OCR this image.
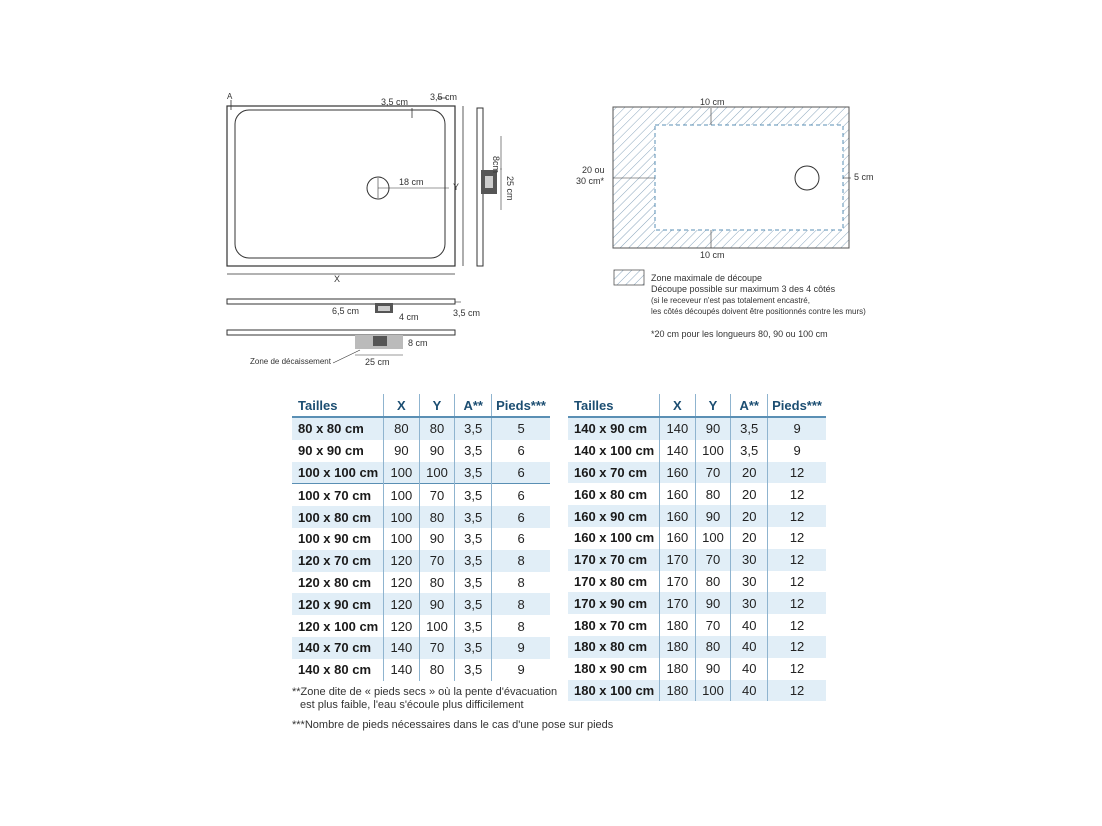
A
3,5 cm 3,5 cm
18 cm	Y
X
8cm
25 cm
6,5 cm
4 cm	3,5 cm
8 cm
25 cm
Zone de décaissement
10 cm
10 cm
20 ou
30 cm*	5 cm
Zone maximale de découpe
Découpe possible sur maximum 3 des 4 côtés
(si le receveur n'est pas totalement encastré,
les côtés découpés doivent être positionnés contre les murs)
*20 cm pour les longueurs 80, 90 ou 100 cm
Tailles	X	Y	A**	Pieds***
80 x 80 cm	80	80	3,5	5
90 x 90 cm	90	90	3,5	6
100 x 100 cm	100	100	3,5	6
100 x 70 cm	100	70	3,5	6
100 x 80 cm	100	80	3,5	6
100 x 90 cm	100	90	3,5	6
120 x 70 cm	120	70	3,5	8
120 x 80 cm	120	80	3,5	8
120 x 90 cm	120	90	3,5	8
120 x 100 cm	120	100	3,5	8
140 x 70 cm	140	70	3,5	9
140 x 80 cm	140	80	3,5	9
Tailles	X	Y	A**	Pieds***
140 x 90 cm	140	90	3,5	9
140 x 100 cm	140	100	3,5	9
160 x 70 cm	160	70	20	12
160 x 80 cm	160	80	20	12
160 x 90 cm	160	90	20	12
160 x 100 cm	160	100	20	12
170 x 70 cm	170	70	30	12
170 x 80 cm	170	80	30	12
170 x 90 cm	170	90	30	12
180 x 70 cm	180	70	40	12
180 x 80 cm	180	80	40	12
180 x 90 cm	180	90	40	12
180 x 100 cm	180	100	40	12
**Zone dite de « pieds secs » où la pente d'évacuation
est plus faible, l'eau s'écoule plus difficilement
***Nombre de pieds nécessaires dans le cas d'une pose sur pieds
